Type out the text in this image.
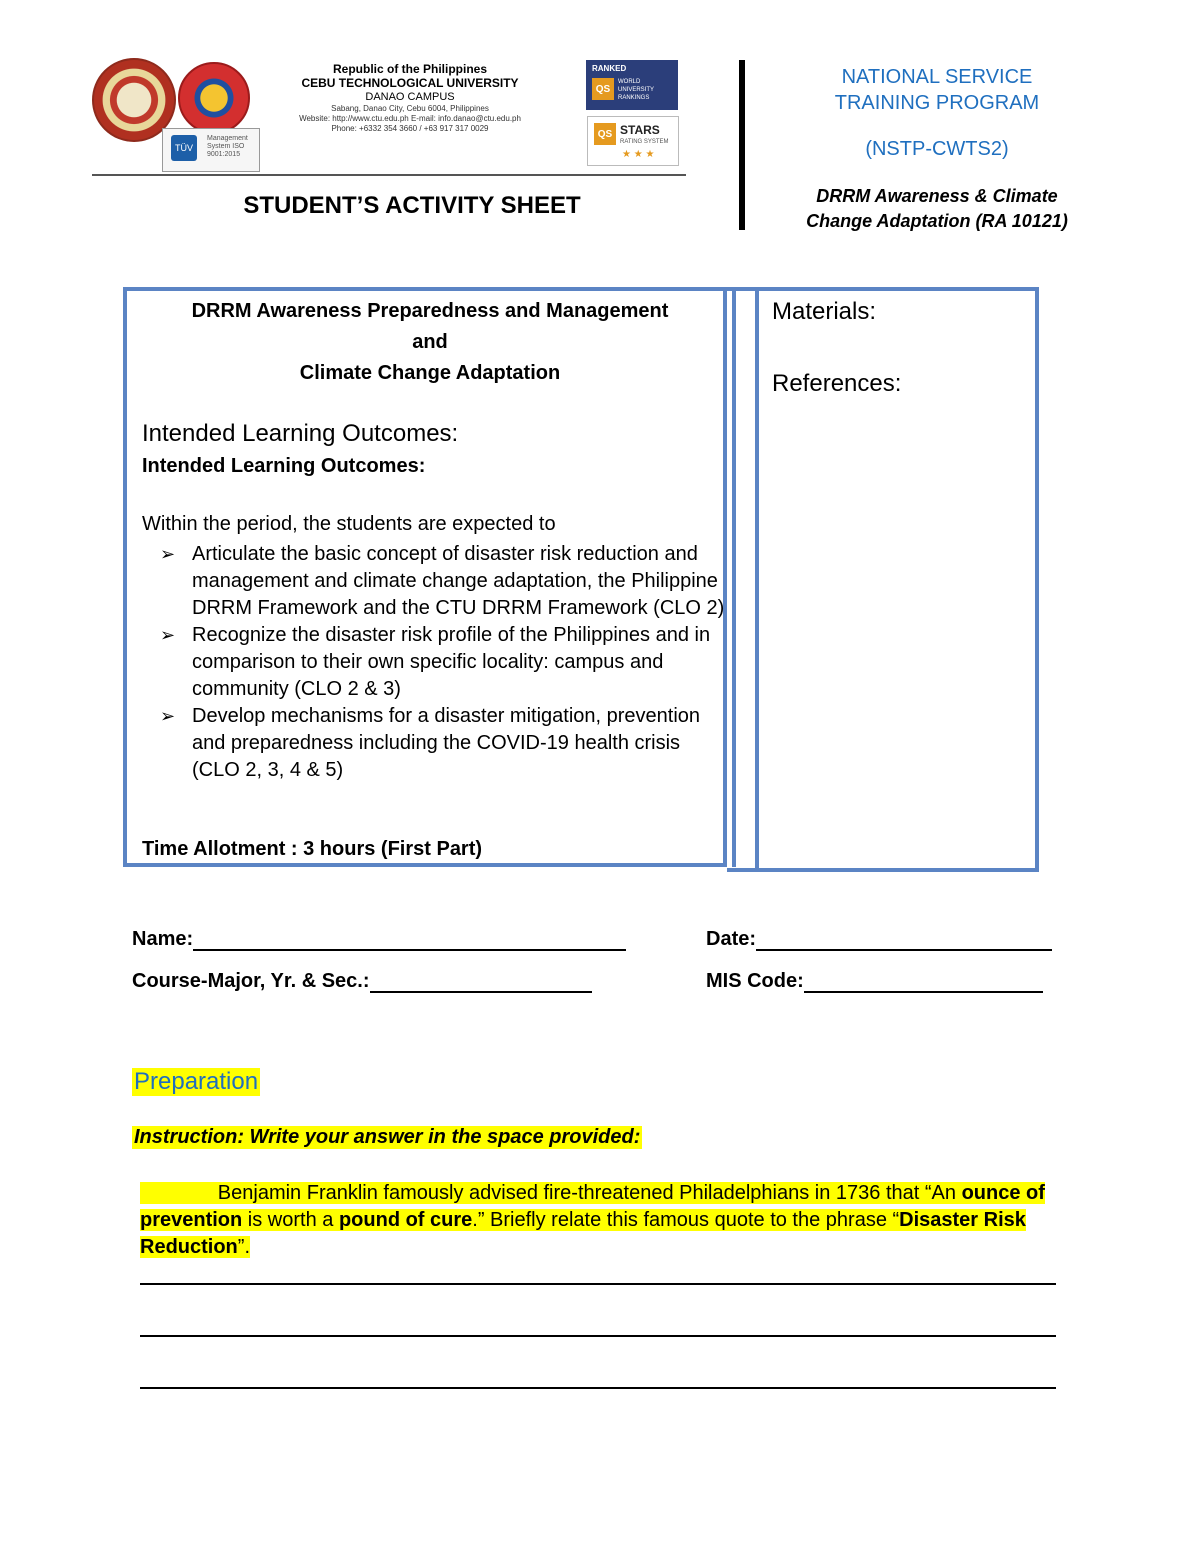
TÜV
Management System ISO 9001:2015
Republic of the Philippines
CEBU TECHNOLOGICAL UNIVERSITY
DANAO CAMPUS
Sabang, Danao City, Cebu 6004, Philippines
Website: http://www.ctu.edu.ph E-mail: info.danao@ctu.edu.ph
Phone: +6332 354 3660 / +63 917 317 0029
RANKED
QS
WORLD UNIVERSITY RANKINGS
QS STARS
RATING SYSTEM
★ ★ ★
STUDENT’S ACTIVITY SHEET
NATIONAL SERVICE
TRAINING PROGRAM
(NSTP-CWTS2)
DRRM Awareness & Climate
Change Adaptation (RA 10121)
DRRM Awareness Preparedness and Management
and
Climate Change Adaptation
Intended Learning Outcomes:
Intended Learning Outcomes:
Within the period, the students are expected to
➢ Articulate the basic concept of disaster risk reduction and management and climate change adaptation, the Philippine DRRM Framework and the CTU DRRM Framework (CLO 2)
➢ Recognize the disaster risk profile of the Philippines and in comparison to their own specific locality: campus and community (CLO 2 & 3)
➢ Develop mechanisms for a disaster mitigation, prevention and preparedness including the COVID-19 health crisis (CLO 2, 3, 4 & 5)
Time Allotment : 3 hours (First Part)
Materials:
References:
Name:	Date:
Course-Major, Yr. & Sec.:	MIS Code:
Preparation
Instruction: Write your answer in the space provided:
Benjamin Franklin famously advised fire-threatened Philadelphians in 1736 that “An ounce of prevention is worth a pound of cure.” Briefly relate this famous quote to the phrase “Disaster Risk Reduction”.
